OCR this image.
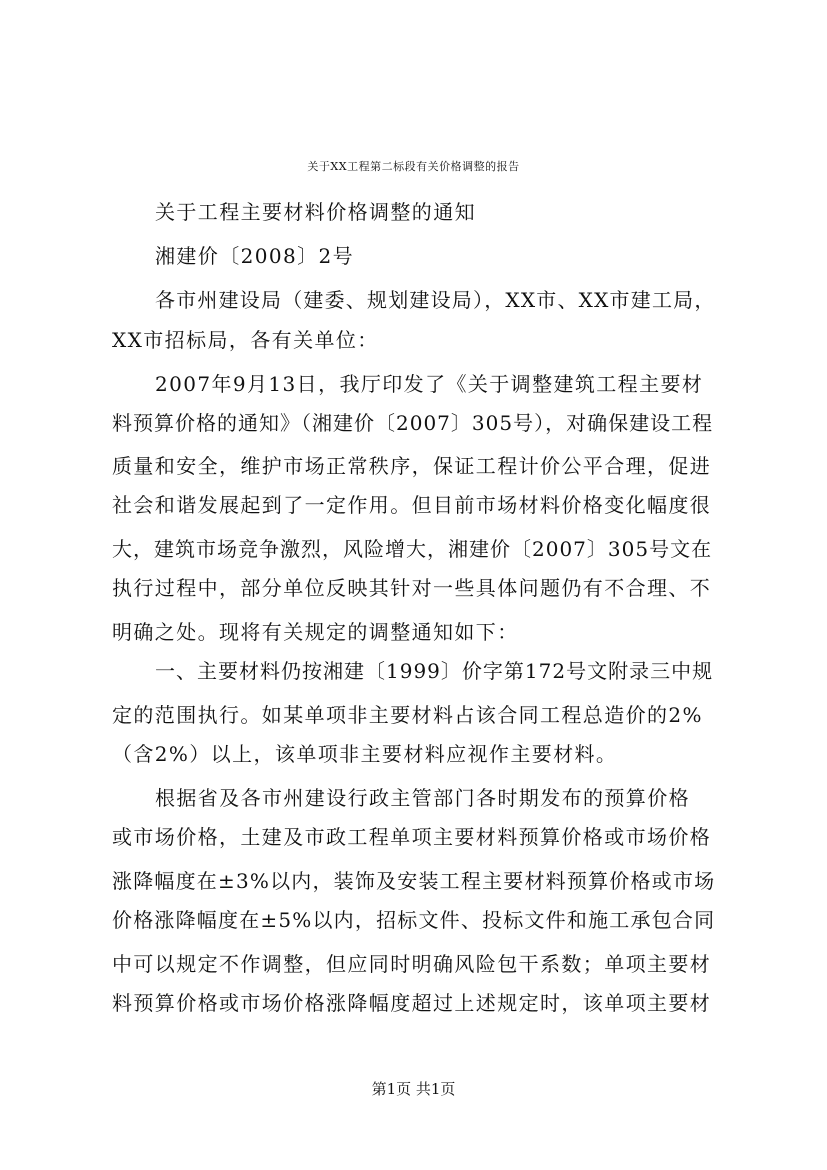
关于XX工程第二标段有关价格调整的报告
关于工程主要材料价格调整的通知
湘建价〔2008〕2号
各市州建设局（建委、规划建设局），XX市、XX市建工局，
XX市招标局，各有关单位：
2007年9月13日，我厅印发了《关于调整建筑工程主要材
料预算价格的通知》（湘建价〔2007〕305号），对确保建设工程
质量和安全，维护市场正常秩序，保证工程计价公平合理，促进
社会和谐发展起到了一定作用。但目前市场材料价格变化幅度很
大，建筑市场竞争激烈，风险增大，湘建价〔2007〕305号文在
执行过程中，部分单位反映其针对一些具体问题仍有不合理、不
明确之处。现将有关规定的调整通知如下：
一、主要材料仍按湘建〔1999〕价字第172号文附录三中规
定的范围执行。如某单项非主要材料占该合同工程总造价的2%
（含2%）以上，该单项非主要材料应视作主要材料。
根据省及各市州建设行政主管部门各时期发布的预算价格
或市场价格，土建及市政工程单项主要材料预算价格或市场价格
涨降幅度在±3%以内，装饰及安装工程主要材料预算价格或市场
价格涨降幅度在±5%以内，招标文件、投标文件和施工承包合同
中可以规定不作调整，但应同时明确风险包干系数；单项主要材
料预算价格或市场价格涨降幅度超过上述规定时，该单项主要材
第1页 共1页
